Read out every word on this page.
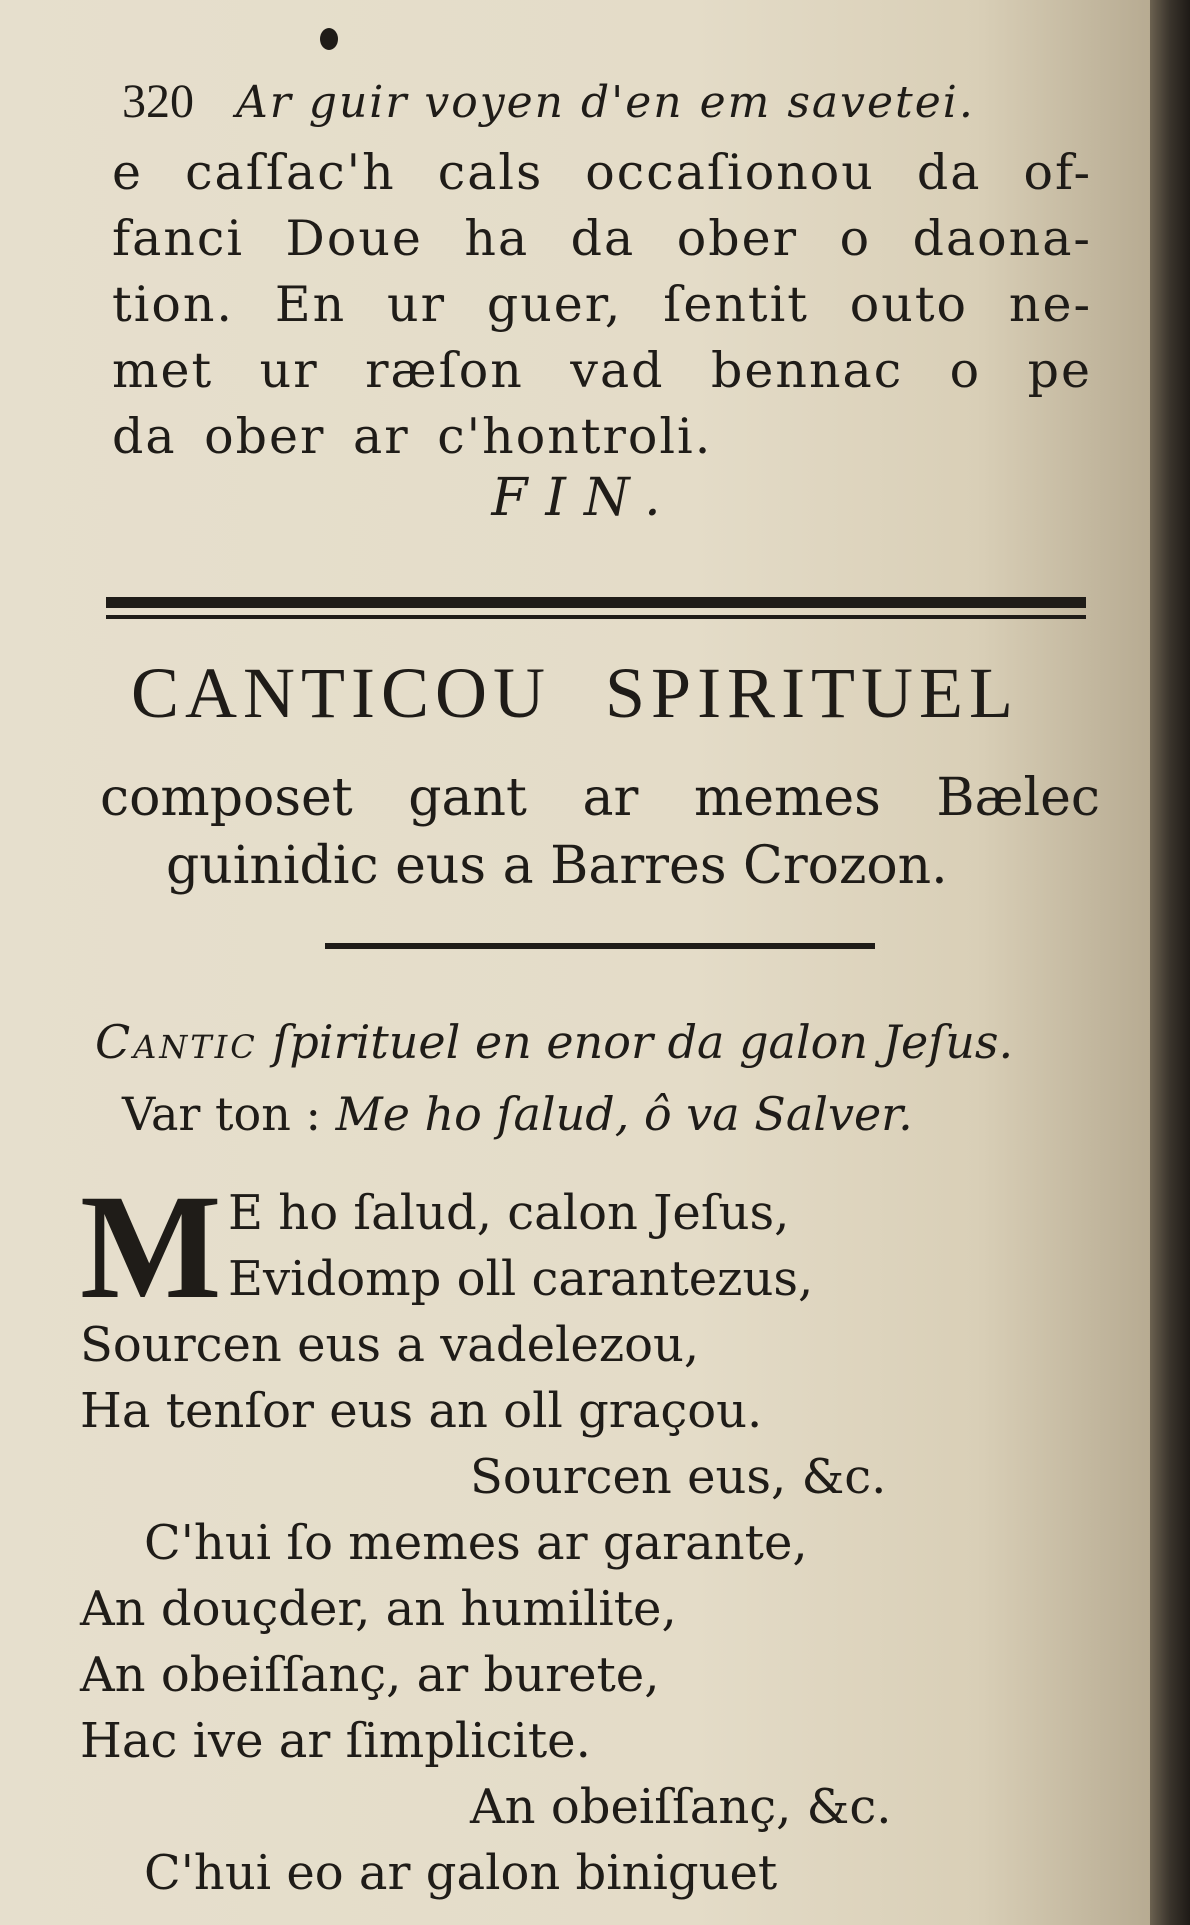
320 Ar guir voyen d'en em savetei.
e caſſac'h cals occaſionou da of-
fanci Doue ha da ober o daona-
tion. En ur guer, ſentit outo ne-
met ur ræſon vad bennac o pe
da ober ar c'hontroli.
FIN.
CANTICOU SPIRITUEL
composet gant ar memes Bælec
guinidic eus a Barres Crozon.
Cantic ſpirituel en enor da galon Jeſus.
Var ton : Me ho ſalud, ô va Salver.
M E ho ſalud, calon Jeſus,
Evidomp oll carantezus,
Sourcen eus a vadelezou,
Ha tenſor eus an oll graçou.
Sourcen eus, &c.
C'hui ſo memes ar garante,
An douçder, an humilite,
An obeiſſanç, ar burete,
Hac ive ar ſimplicite.
An obeiſſanç, &c.
C'hui eo ar galon biniguet
